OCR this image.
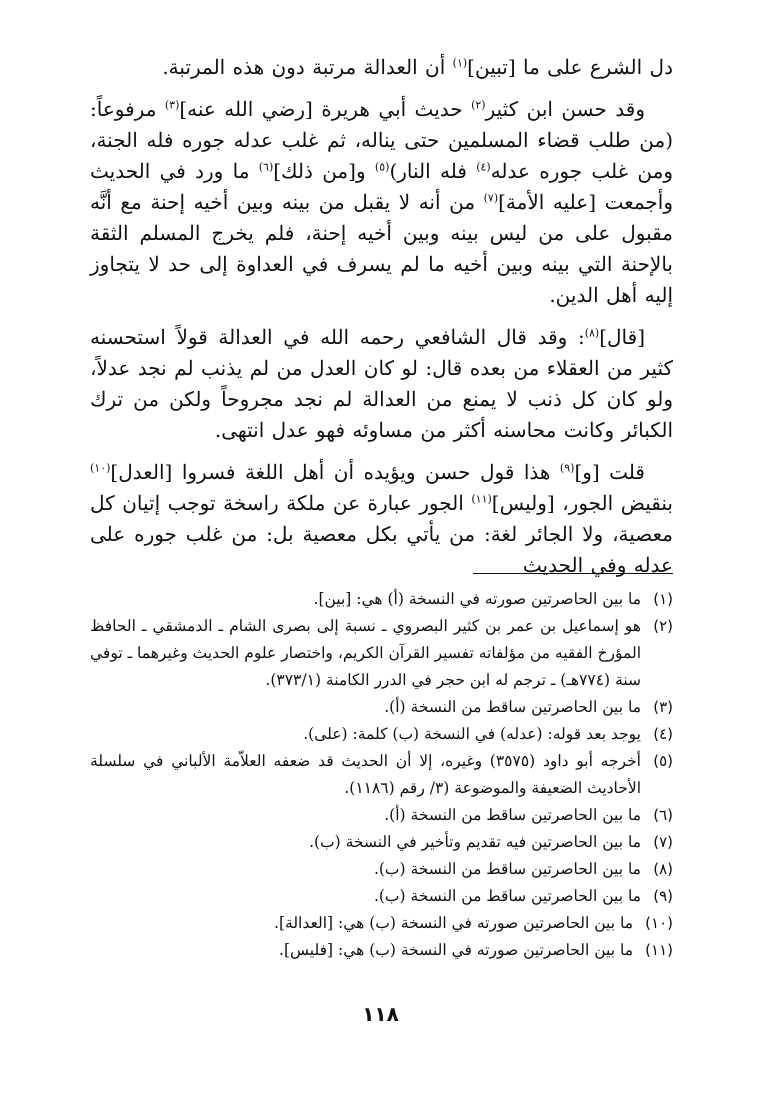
دل الشرع على ما [تبين]$^{(١)}$ أن العدالة مرتبة دون هذه المرتبة.

وقد حسن ابن كثير$^{(٢)}$ حديث أبي هريرة [رضي الله عنه]$^{(٣)}$ مرفوعاً: (من طلب قضاء المسلمين حتى يناله، ثم غلب عدله جوره فله الجنة، ومن غلب جوره عدله$^{(٤)}$ فله النار)$^{(٥)}$ و[من ذلك]$^{(٦)}$ ما ورد في الحديث وأجمعت [عليه الأمة]$^{(٧)}$ من أنه لا يقبل من بينه وبين أخيه إحنة مع أنَّه مقبول على من ليس بينه وبين أخيه إحنة، فلم يخرج المسلم الثقة بالإحنة التي بينه وبين أخيه ما لم يسرف في العداوة إلى حد لا يتجاوز إليه أهل الدين.

[قال]$^{(٨)}$: وقد قال الشافعي رحمه الله في العدالة قولاً استحسنه كثير من العقلاء من بعده قال: لو كان العدل من لم يذنب لم نجد عدلاً، ولو كان كل ذنب لا يمنع من العدالة لم نجد مجروحاً ولكن من ترك الكبائر وكانت محاسنه أكثر من مساوئه فهو عدل انتهى.

قلت [و]$^{(٩)}$ هذا قول حسن ويؤيده أن أهل اللغة فسروا [العدل]$^{(١٠)}$ بنقيض الجور، [وليس]$^{(١١)}$ الجور عبارة عن ملكة راسخة توجب إتيان كل معصية، ولا الجائر لغة: من يأتي بكل معصية بل: من غلب جوره على عدله وفي الحديث

(١)
ما بين الحاصرتين صورته في النسخة (أ) هي: [بين].
(٢)
هو إسماعيل بن عمر بن كثير البصروي ـ نسبة إلى بصرى الشام ـ الدمشقي ـ الحافظ المؤرخ الفقيه من مؤلفاته تفسير القرآن الكريم، واختصار علوم الحديث وغيرهما ـ توفي سنة (٧٧٤هـ) ـ ترجم له ابن حجر في الدرر الكامنة (٣٧٣/١).
(٣)
ما بين الحاصرتين ساقط من النسخة (أ).
(٤)
يوجد بعد قوله: (عدله) في النسخة (ب) كلمة: (على).
(٥)
أخرجه أبو داود (٣٥٧٥) وغيره، إلا أن الحديث قد ضعفه العلاّمة الألباني في سلسلة الأحاديث الضعيفة والموضوعة (٣/ رقم (١١٨٦).
(٦)
ما بين الحاصرتين ساقط من النسخة (أ).
(٧)
ما بين الحاصرتين فيه تقديم وتأخير في النسخة (ب).
(٨)
ما بين الحاصرتين ساقط من النسخة (ب).
(٩)
ما بين الحاصرتين ساقط من النسخة (ب).
(١٠)
ما بين الحاصرتين صورته في النسخة (ب) هي: [العدالة].
(١١)
ما بين الحاصرتين صورته في النسخة (ب) هي: [فليس].
١١٨
